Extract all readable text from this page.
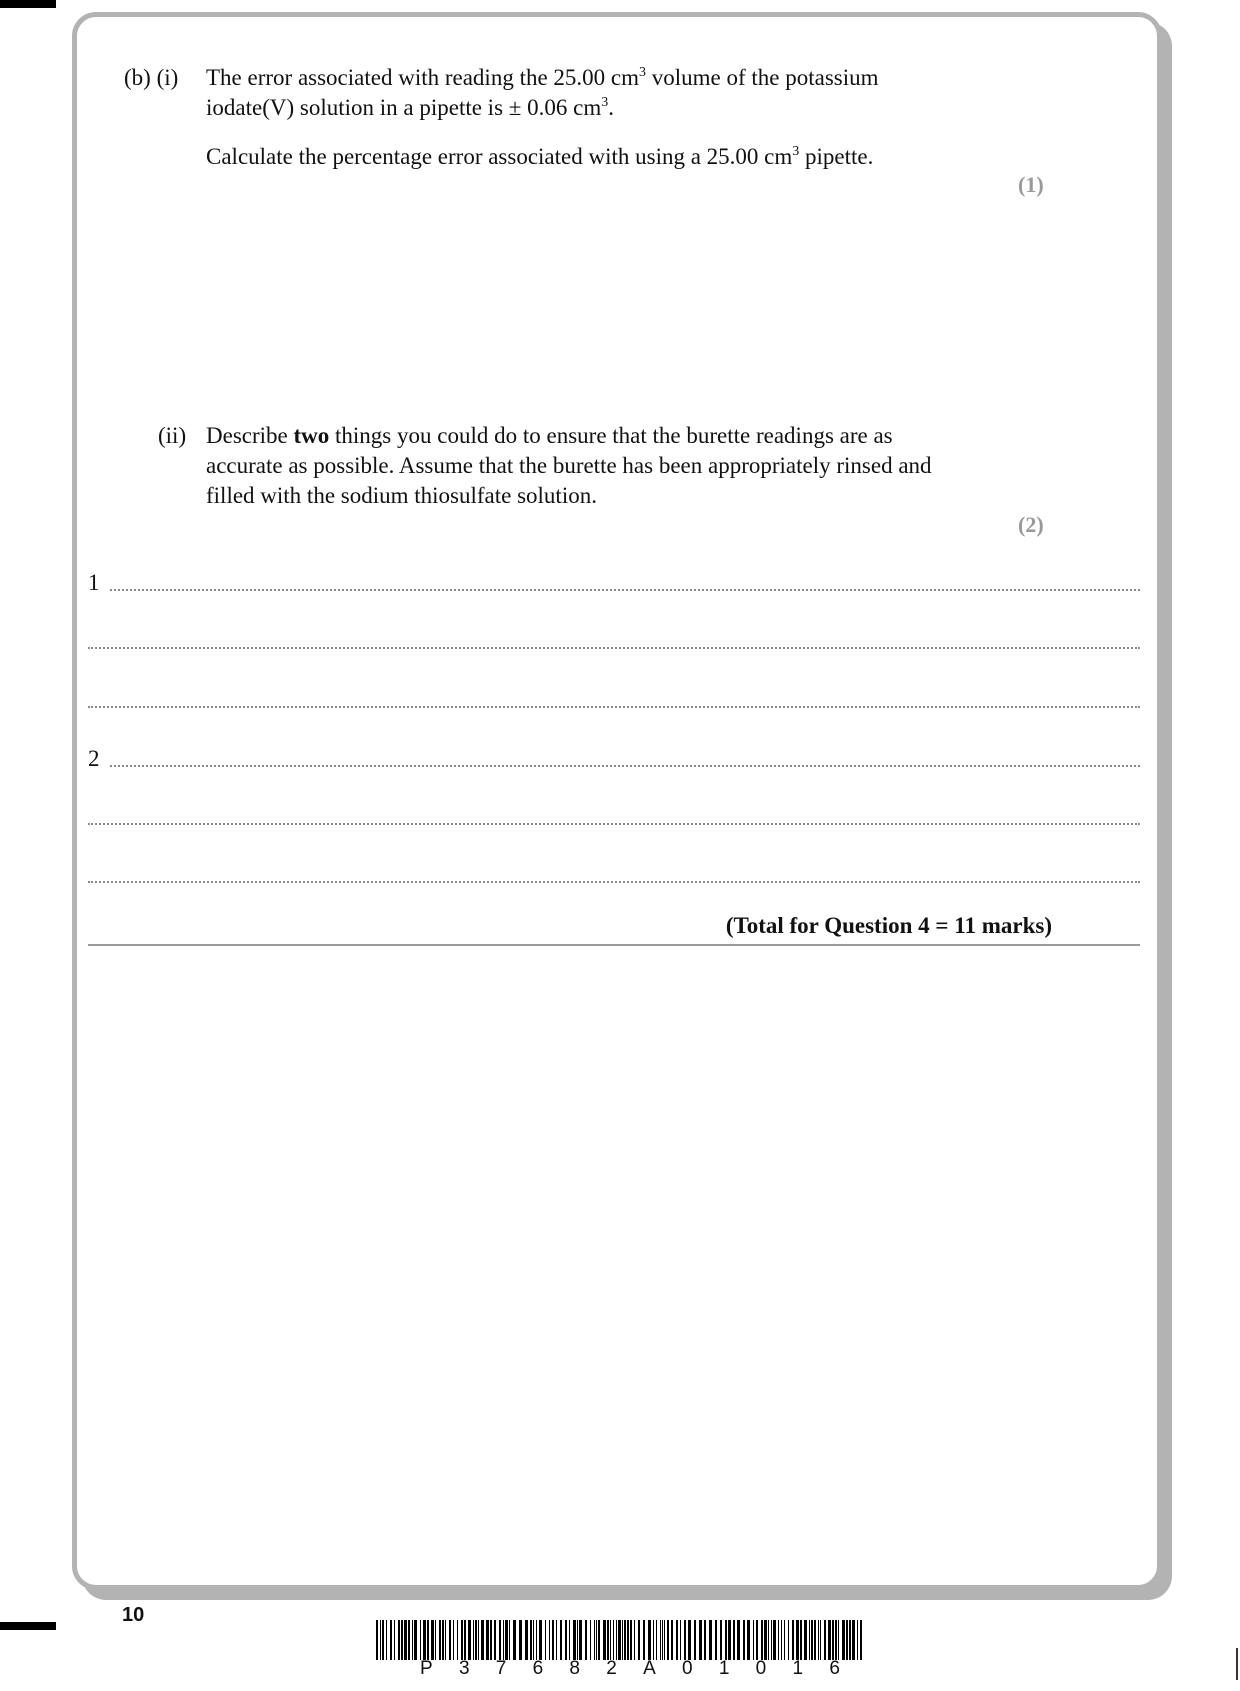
(b) (i) The error associated with reading the 25.00 $cm^3$ volume of the potassium
iodate(V) solution in a pipette is ± 0.06 $cm^3$.
Calculate the percentage error associated with using a 25.00 $cm^3$ pipette.
(1)
(ii) Describe two things you could do to ensure that the burette readings are as
accurate as possible. Assume that the burette has been appropriately rinsed and
filled with the sodium thiosulfate solution.
(2)
1
2
(Total for Question 4 = 11 marks)
10
P 3 7 6 8 2 A 0 1 0 1 6
